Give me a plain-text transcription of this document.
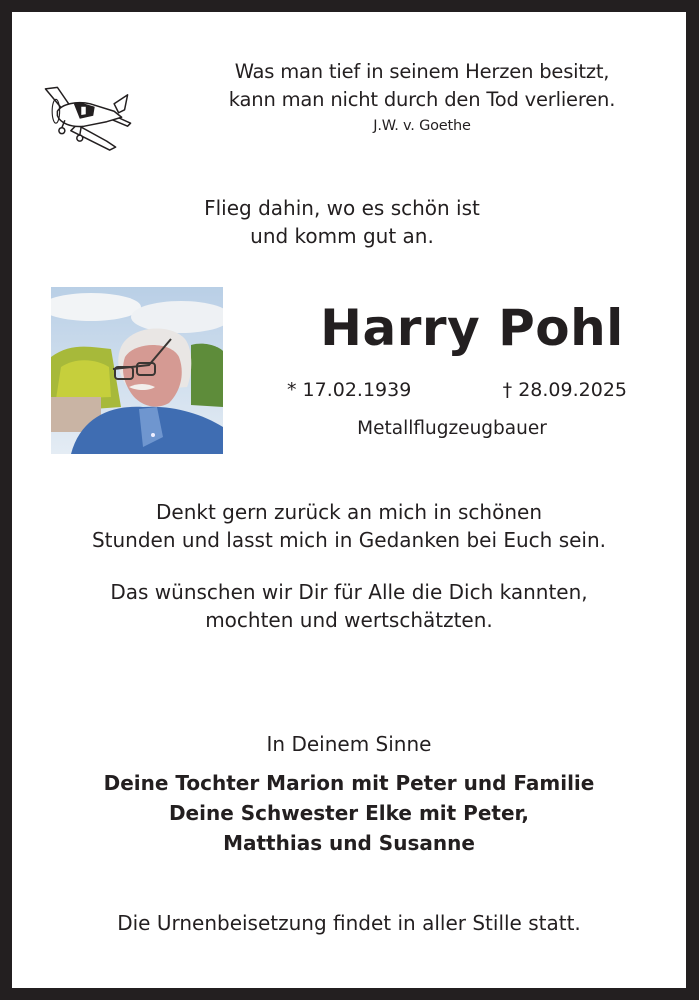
Was man tief in seinem Herzen besitzt,
kann man nicht durch den Tod verlieren.
J.W. v. Goethe
Flieg dahin, wo es schön ist
und komm gut an.
Harry Pohl
* 17.02.1939	† 28.09.2025
Metallflugzeugbauer
Denkt gern zurück an mich in schönen
Stunden und lasst mich in Gedanken bei Euch sein.
Das wünschen wir Dir für Alle die Dich kannten,
mochten und wertschätzten.
In Deinem Sinne
Deine Tochter Marion mit Peter und Familie
Deine Schwester Elke mit Peter,
Matthias und Susanne
Die Urnenbeisetzung findet in aller Stille statt.
